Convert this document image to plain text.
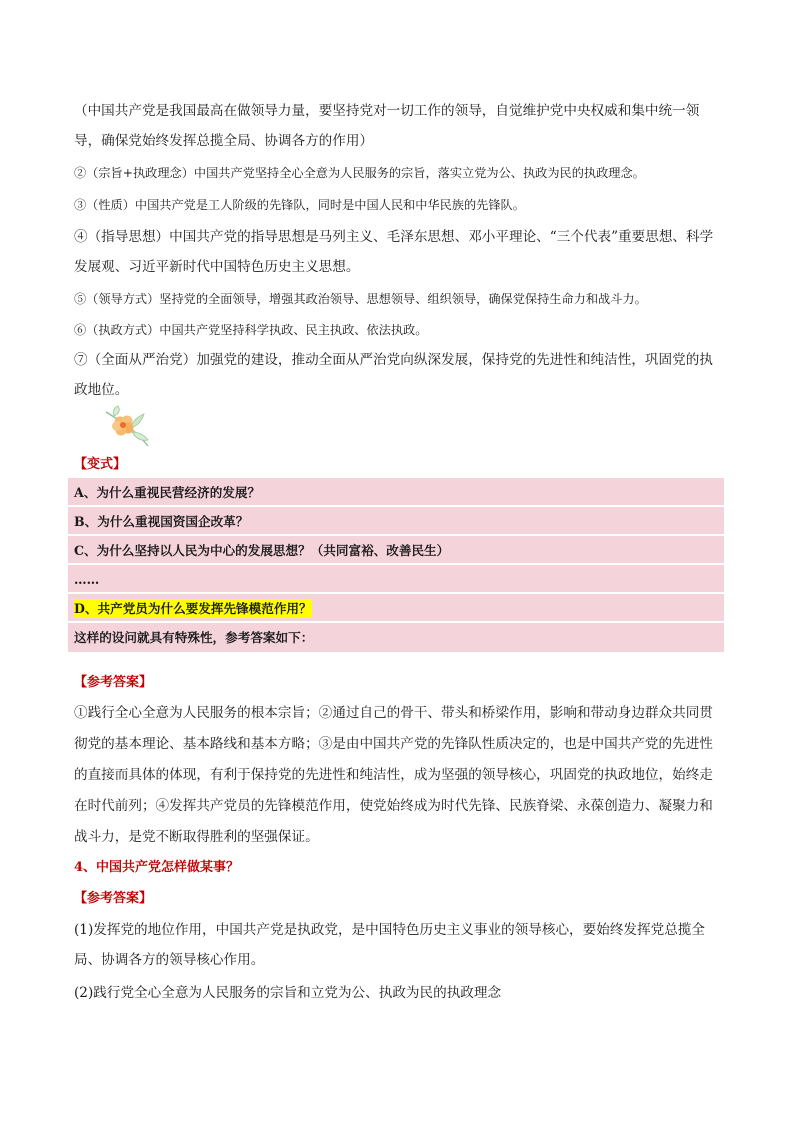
（中国共产党是我国最高在做领导力量，要坚持党对一切工作的领导，自觉维护党中央权威和集中统一领导，确保党始终发挥总揽全局、协调各方的作用）

②（宗旨+执政理念）中国共产党坚持全心全意为人民服务的宗旨，落实立党为公、执政为民的执政理念。

③（性质）中国共产党是工人阶级的先锋队，同时是中国人民和中华民族的先锋队。

④（指导思想）中国共产党的指导思想是马列主义、毛泽东思想、邓小平理论、“三个代表”重要思想、科学发展观、习近平新时代中国特色历史主义思想。

⑤（领导方式）坚持党的全面领导，增强其政治领导、思想领导、组织领导，确保党保持生命力和战斗力。

⑥（执政方式）中国共产党坚持科学执政、民主执政、依法执政。

⑦（全面从严治党）加强党的建设，推动全面从严治党向纵深发展，保持党的先进性和纯洁性，巩固党的执政地位。

【变式】

A、为什么重视民营经济的发展？
B、为什么重视国资国企改革？
C、为什么坚持以人民为中心的发展思想？（共同富裕、改善民生）
……
D、共产党员为什么要发挥先锋模范作用？
这样的设问就具有特殊性，参考答案如下：

【参考答案】

①践行全心全意为人民服务的根本宗旨；②通过自己的骨干、带头和桥梁作用，影响和带动身边群众共同贯彻党的基本理论、基本路线和基本方略；③是由中国共产党的先锋队性质决定的，也是中国共产党的先进性的直接而具体的体现，有利于保持党的先进性和纯洁性，成为坚强的领导核心，巩固党的执政地位，始终走在时代前列；④发挥共产党员的先锋模范作用，使党始终成为时代先锋、民族脊梁、永葆创造力、凝聚力和战斗力，是党不断取得胜利的坚强保证。

4、中国共产党怎样做某事？

【参考答案】

(1)发挥党的地位作用，中国共产党是执政党，是中国特色历史主义事业的领导核心，要始终发挥党总揽全局、协调各方的领导核心作用。

(2)践行党全心全意为人民服务的宗旨和立党为公、执政为民的执政理念
